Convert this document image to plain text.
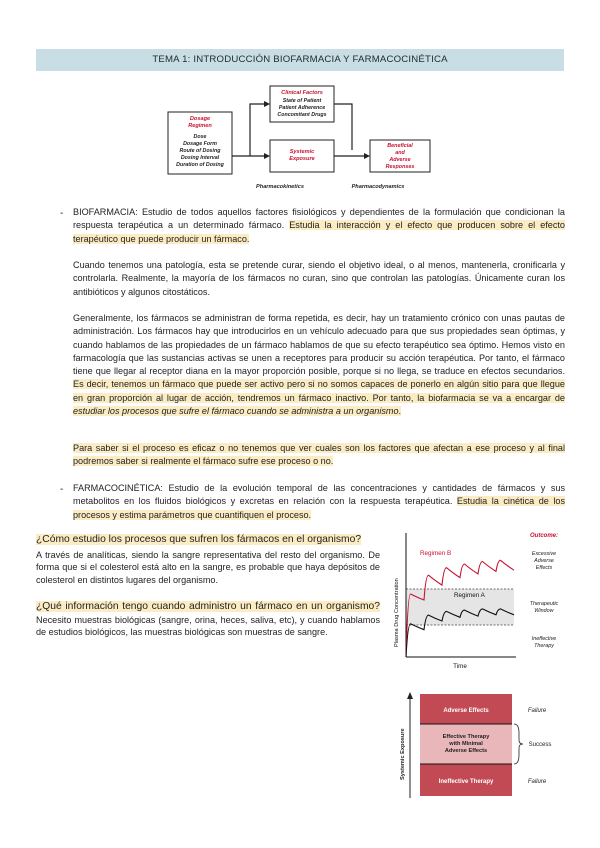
TEMA 1: INTRODUCCIÓN BIOFARMACIA Y FARMACOCINÉTICA
Clinical Factors
State of Patient
Patient Adherence
Concomitant Drugs
Dosage
Regimen
Dose
Dosage Form
Route of Dosing
Dosing Interval
Duration of Dosing
Systemic
Exposure
Beneficial
and
Adverse
Responses
Pharmacokinetics	Pharmacodynamics
- BIOFARMACIA: Estudio de todos aquellos factores fisiológicos y dependientes de la formulación que condicionan la respuesta terapéutica a un determinado fármaco. Estudia la interacción y el efecto que producen sobre el efecto terapéutico que puede producir un fármaco.
Cuando tenemos una patología, esta se pretende curar, siendo el objetivo ideal, o al menos, mantenerla, cronificarla y controlarla. Realmente, la mayoría de los fármacos no curan, sino que controlan las patologías. Únicamente curan los antibióticos y algunos citostáticos.
Generalmente, los fármacos se administran de forma repetida, es decir, hay un tratamiento crónico con unas pautas de administración. Los fármacos hay que introducirlos en un vehículo adecuado para que sus propiedades sean óptimas, y cuando hablamos de las propiedades de un fármaco hablamos de que su efecto terapéutico sea óptimo. Hemos visto en farmacología que las sustancias activas se unen a receptores para producir su acción terapéutica. Por tanto, el fármaco tiene que llegar al receptor diana en la mayor proporción posible, porque si no llega, se traduce en efectos secundarios. Es decir, tenemos un fármaco que puede ser activo pero si no somos capaces de ponerlo en algún sitio para que llegue en gran proporción al lugar de acción, tendremos un fármaco inactivo. Por tanto, la biofarmacia se va a encargar de estudiar los procesos que sufre el fármaco cuando se administra a un organismo.
Para saber si el proceso es eficaz o no tenemos que ver cuales son los factores que afectan a ese proceso y al final podremos saber si realmente el fármaco sufre ese proceso o no.
- FARMACOCINÉTICA: Estudio de la evolución temporal de las concentraciones y cantidades de fármacos y sus metabolitos en los fluidos biológicos y excretas en relación con la respuesta terapéutica. Estudia la cinética de los procesos y estima parámetros que cuantifiquen el proceso.
¿Cómo estudio los procesos que sufren los fármacos en el organismo?
A través de analíticas, siendo la sangre representativa del resto del organismo. De forma que si el colesterol está alto en la sangre, es probable que haya depósitos de colesterol en distintos lugares del organismo.
¿Qué información tengo cuando administro un fármaco en un organismo? Necesito muestras biológicas (sangre, orina, heces, saliva, etc), y cuando hablamos de estudios biológicos, las muestras biológicas son muestras de sangre.
Regimen B
Regimen A
Plasma Drug Concentration
Time
Outcome:
Excessive
Adverse
Effects
Therapeutic
Window
Ineffective
Therapy
Systemic Exposure
Adverse Effects
Effective Therapy
with Minimal
Adverse Effects
Ineffective Therapy
Failure
Success
Failure
